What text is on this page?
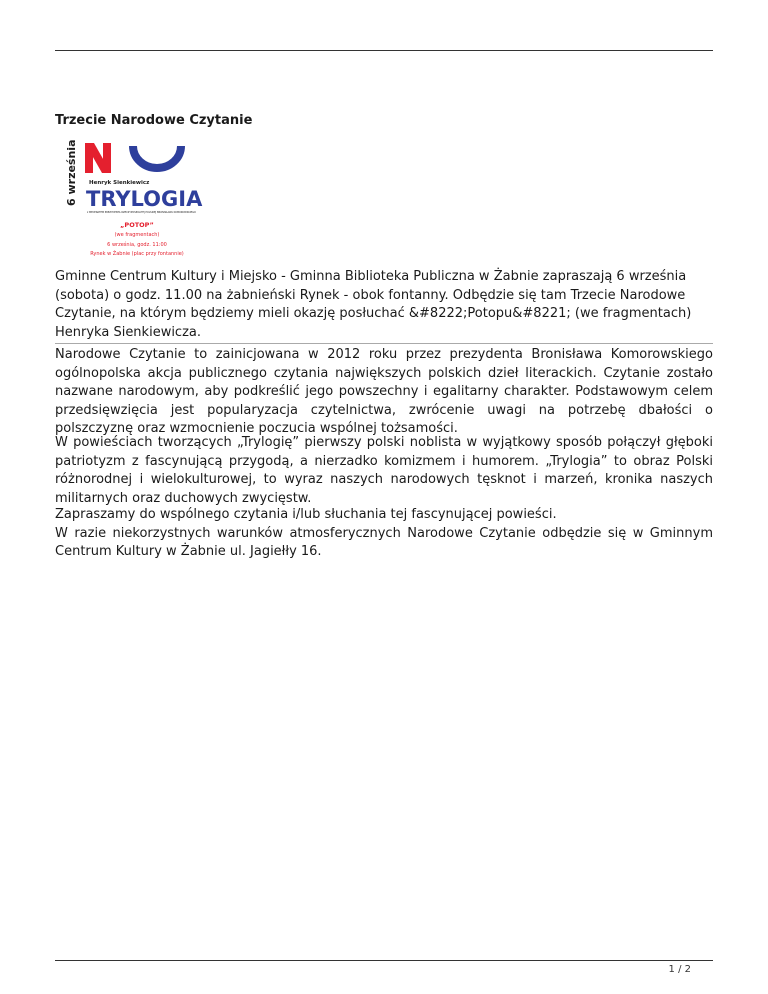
Trzecie Narodowe Czytanie
6 września Henryk Sienkiewicz
TRYLOGIA
z MECENATEM PREZYDENTA RZECZYPOSPOLITEJ POLSKIEJ BRONISŁAWA KOMOROWSKIEGO
„POTOP”
(we fragmentach)
6 września, godz. 11:00
Rynek w Żabnie (plac przy fontannie)

Gminne Centrum Kultury i Miejsko - Gminna Biblioteka Publiczna w Żabnie zapraszają 6 września (sobota) o godz. 11.00 na żabnieński Rynek - obok fontanny. Odbędzie się tam Trzecie Narodowe Czytanie, na którym będziemy mieli okazję posłuchać &#8222;Potopu&#8221; (we fragmentach) Henryka Sienkiewicza.

Narodowe Czytanie to zainicjowana w 2012 roku przez prezydenta Bronisława Komorowskiego ogólnopolska akcja publicznego czytania największych polskich dzieł literackich. Czytanie zostało nazwane narodowym, aby podkreślić jego powszechny i egalitarny charakter. Podstawowym celem przedsięwzięcia jest popularyzacja czytelnictwa, zwrócenie uwagi na potrzebę dbałości o polszczyznę oraz wzmocnienie poczucia wspólnej tożsamości.

W powieściach tworzących „Trylogię” pierwszy polski noblista w wyjątkowy sposób połączył głęboki patriotyzm z fascynującą przygodą, a nierzadko komizmem i humorem. „Trylogia” to obraz Polski różnorodnej i wielokulturowej, to wyraz naszych narodowych tęsknot i marzeń, kronika naszych militarnych oraz duchowych zwycięstw.

Zapraszamy do wspólnego czytania i/lub słuchania tej fascynującej powieści.
W razie niekorzystnych warunków atmosferycznych Narodowe Czytanie odbędzie się w Gminnym Centrum Kultury w Żabnie ul. Jagiełły 16.
1 / 2
